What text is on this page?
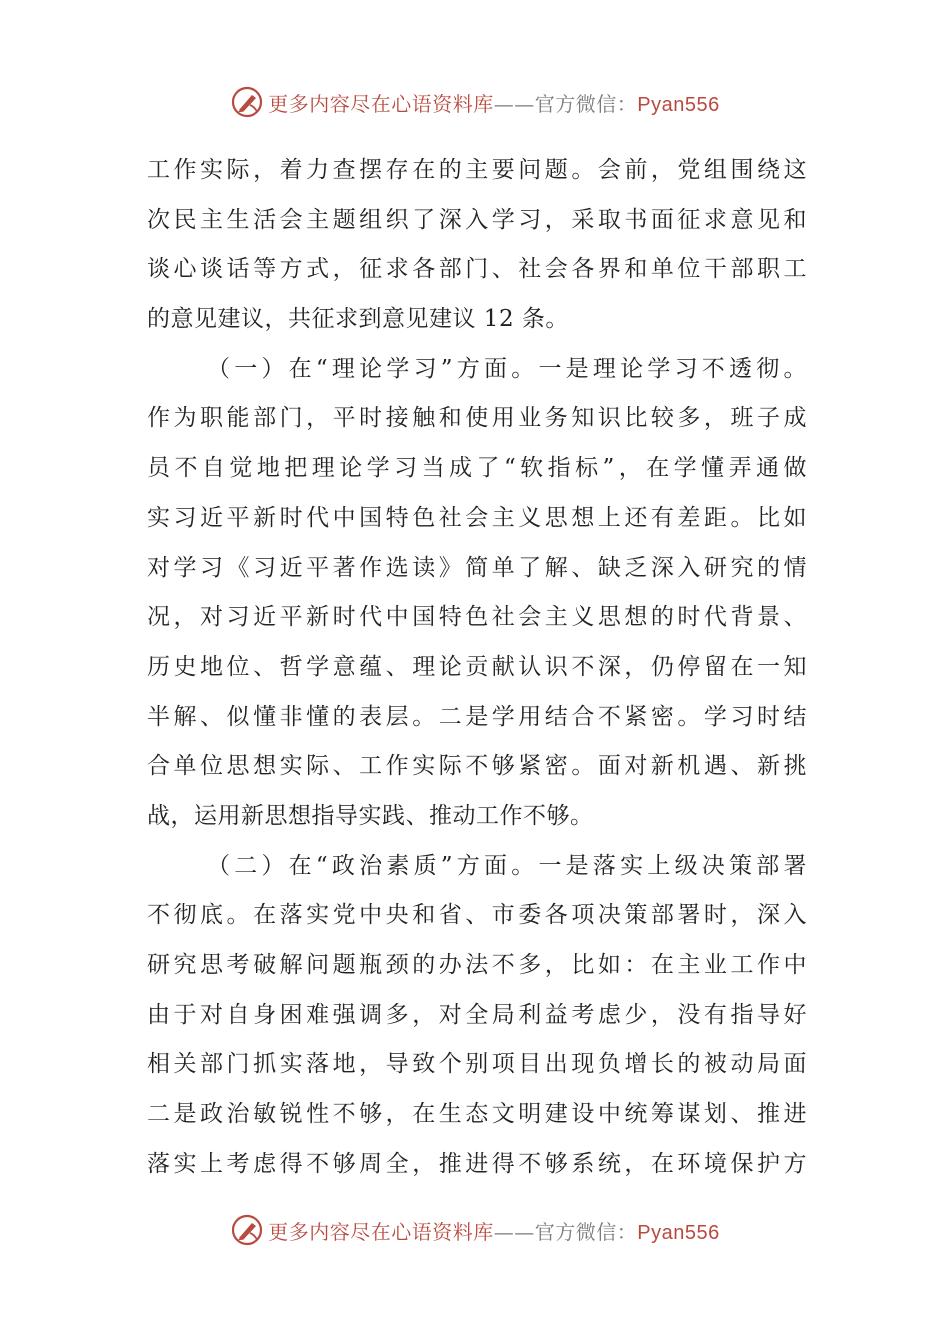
更多内容尽在心语资料库——官方微信：Pyan556
工作实际，着力查摆存在的主要问题。会前，党组围绕这
次民主生活会主题组织了深入学习，采取书面征求意见和
谈心谈话等方式，征求各部门、社会各界和单位干部职工
的意见建议，共征求到意见建议 12 条。
（一）在“理论学习”方面。一是理论学习不透彻。
作为职能部门，平时接触和使用业务知识比较多，班子成
员不自觉地把理论学习当成了“软指标”，在学懂弄通做
实习近平新时代中国特色社会主义思想上还有差距。比如
对学习《习近平著作选读》简单了解、缺乏深入研究的情
况，对习近平新时代中国特色社会主义思想的时代背景、
历史地位、哲学意蕴、理论贡献认识不深，仍停留在一知
半解、似懂非懂的表层。二是学用结合不紧密。学习时结
合单位思想实际、工作实际不够紧密。面对新机遇、新挑
战，运用新思想指导实践、推动工作不够。
（二）在“政治素质”方面。一是落实上级决策部署
不彻底。在落实党中央和省、市委各项决策部署时，深入
研究思考破解问题瓶颈的办法不多，比如：在主业工作中
由于对自身困难强调多，对全局利益考虑少，没有指导好
相关部门抓实落地，导致个别项目出现负增长的被动局面
二是政治敏锐性不够，在生态文明建设中统筹谋划、推进
落实上考虑得不够周全，推进得不够系统，在环境保护方
更多内容尽在心语资料库——官方微信：Pyan556
